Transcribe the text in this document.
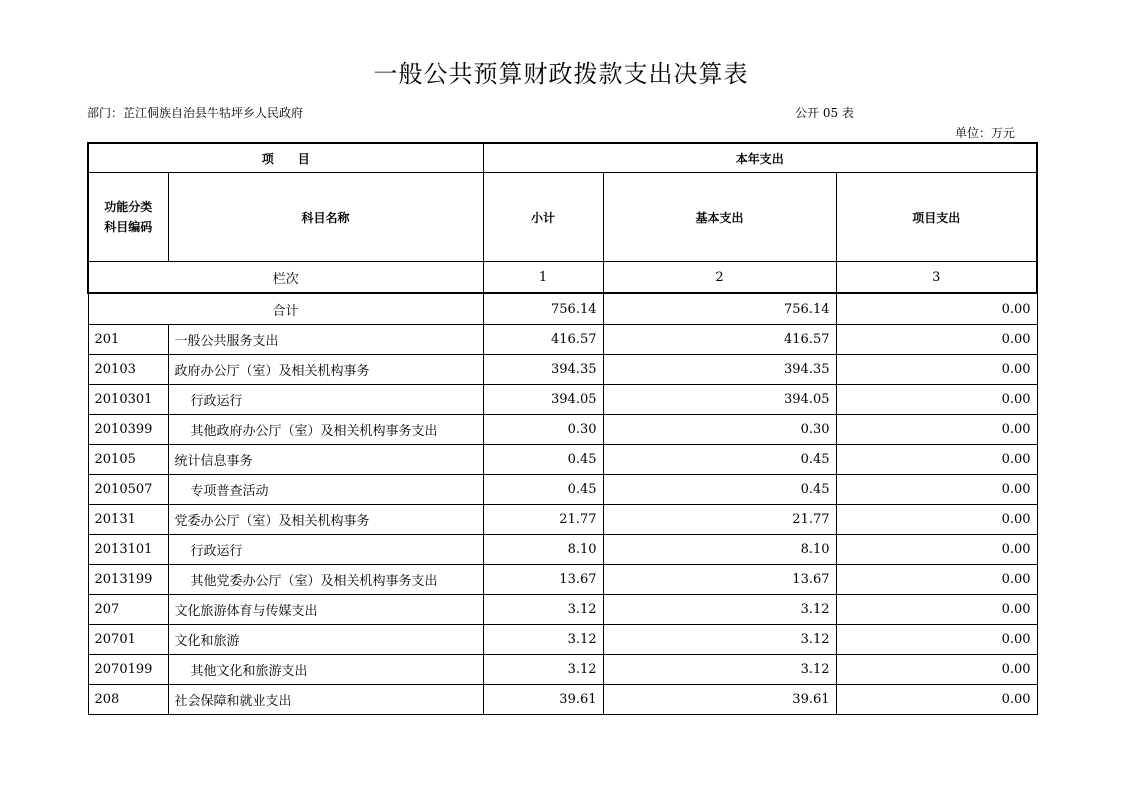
一般公共预算财政拨款支出决算表
部门：芷江侗族自治县牛牯坪乡人民政府	公开 05 表
单位：万元
项　　目		本年支出		
功能分类
科目编码	科目名称	小计	基本支出	项目支出
栏次		1	2	3
合计		756.14	756.14	0.00
201	一般公共服务支出	416.57	416.57	0.00
20103	政府办公厅（室）及相关机构事务	394.35	394.35	0.00
2010301	行政运行	394.05	394.05	0.00
2010399	其他政府办公厅（室）及相关机构事务支出	0.30	0.30	0.00
20105	统计信息事务	0.45	0.45	0.00
2010507	专项普查活动	0.45	0.45	0.00
20131	党委办公厅（室）及相关机构事务	21.77	21.77	0.00
2013101	行政运行	8.10	8.10	0.00
2013199	其他党委办公厅（室）及相关机构事务支出	13.67	13.67	0.00
207	文化旅游体育与传媒支出	3.12	3.12	0.00
20701	文化和旅游	3.12	3.12	0.00
2070199	其他文化和旅游支出	3.12	3.12	0.00
208	社会保障和就业支出	39.61	39.61	0.00
